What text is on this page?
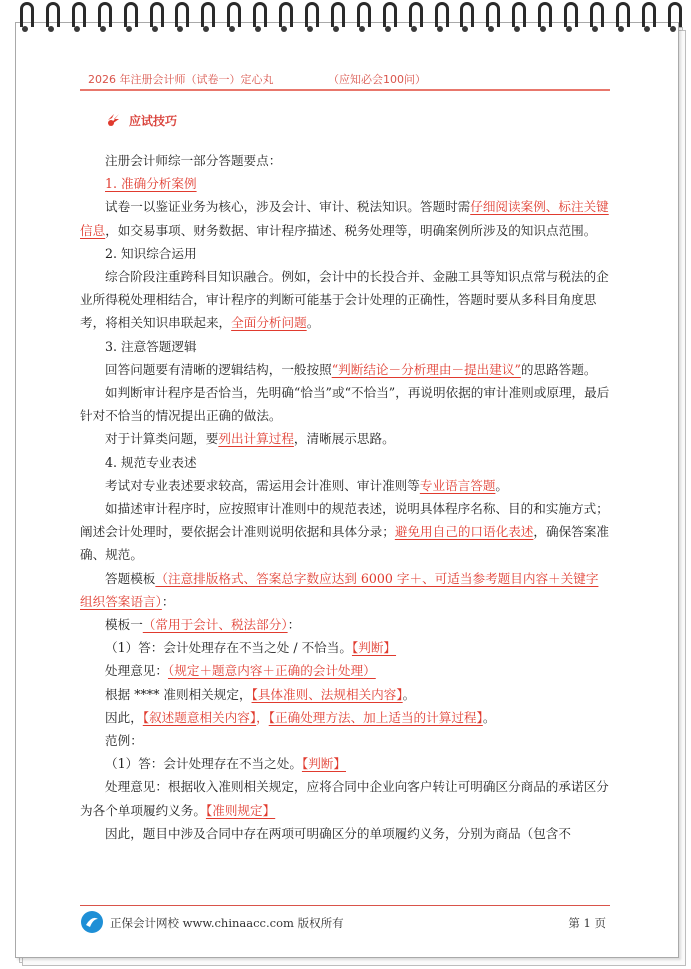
2026 年注册会计师（试卷一）定心丸	（应知必会100问）
应试技巧

注册会计师综一部分答题要点：

1. 准确分析案例

试卷一以鉴证业务为核心，涉及会计、审计、税法知识。答题时需仔细阅读案例、标注关键信息，如交易事项、财务数据、审计程序描述、税务处理等，明确案例所涉及的知识点范围。

2. 知识综合运用

综合阶段注重跨科目知识融合。例如，会计中的长投合并、金融工具等知识点常与税法的企业所得税处理相结合，审计程序的判断可能基于会计处理的正确性，答题时要从多科目角度思考，将相关知识串联起来，全面分析问题。

3. 注意答题逻辑

回答问题要有清晰的逻辑结构，一般按照“判断结论－分析理由－提出建议”的思路答题。

如判断审计程序是否恰当，先明确“恰当”或“不恰当”，再说明依据的审计准则或原理，最后针对不恰当的情况提出正确的做法。

对于计算类问题，要列出计算过程，清晰展示思路。

4. 规范专业表述

考试对专业表述要求较高，需运用会计准则、审计准则等专业语言答题。

如描述审计程序时，应按照审计准则中的规范表述，说明具体程序名称、目的和实施方式；阐述会计处理时，要依据会计准则说明依据和具体分录；避免用自己的口语化表述，确保答案准确、规范。

答题模板（注意排版格式、答案总字数应达到 6000 字＋、可适当参考题目内容＋关键字组织答案语言）：

模板一（常用于会计、税法部分）：

（1）答：会计处理存在不当之处 / 不恰当。【判断】

处理意见：（规定＋题意内容＋正确的会计处理）

根据 **** 准则相关规定，【具体准则、法规相关内容】。

因此，【叙述题意相关内容】，【正确处理方法、加上适当的计算过程】。

范例：

（1）答：会计处理存在不当之处。【判断】

处理意见：根据收入准则相关规定，应将合同中企业向客户转让可明确区分商品的承诺区分为各个单项履约义务。【准则规定】

因此，题目中涉及合同中存在两项可明确区分的单项履约义务，分别为商品（包含不

正保会计网校 www.chinaacc.com 版权所有	第 1 页
